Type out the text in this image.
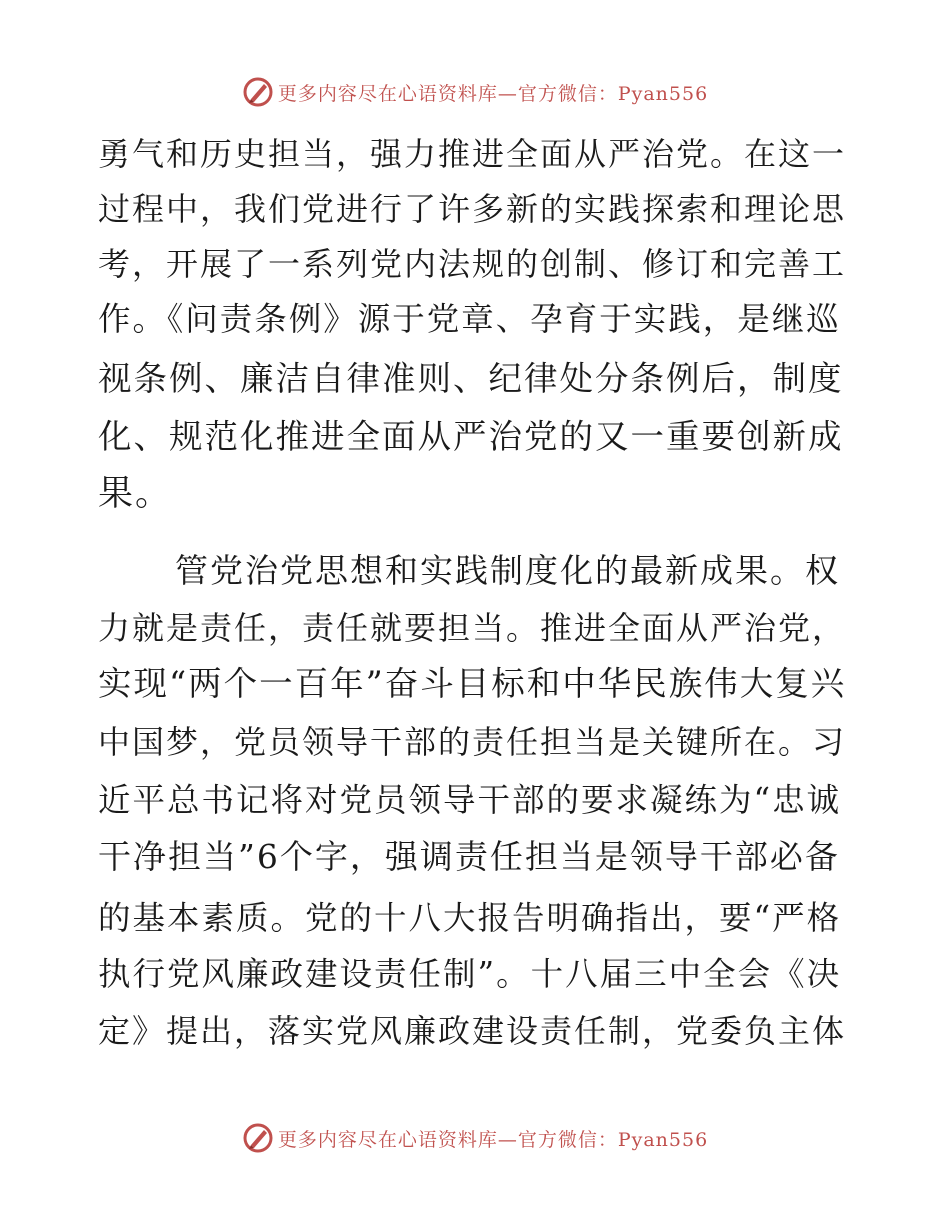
更多内容尽在心语资料库—官方微信：Pyan556
勇气和历史担当，强力推进全面从严治党。在这一
过程中，我们党进行了许多新的实践探索和理论思
考，开展了一系列党内法规的创制、修订和完善工
作。《问责条例》源于党章、孕育于实践，是继巡
视条例、廉洁自律准则、纪律处分条例后，制度
化、规范化推进全面从严治党的又一重要创新成
果。
管党治党思想和实践制度化的最新成果。权
力就是责任，责任就要担当。推进全面从严治党，
实现“两个一百年”奋斗目标和中华民族伟大复兴
中国梦，党员领导干部的责任担当是关键所在。习
近平总书记将对党员领导干部的要求凝练为“忠诚
干净担当”6个字，强调责任担当是领导干部必备
的基本素质。党的十八大报告明确指出，要“严格
执行党风廉政建设责任制”。十八届三中全会《决
定》提出，落实党风廉政建设责任制，党委负主体
更多内容尽在心语资料库—官方微信：Pyan556
